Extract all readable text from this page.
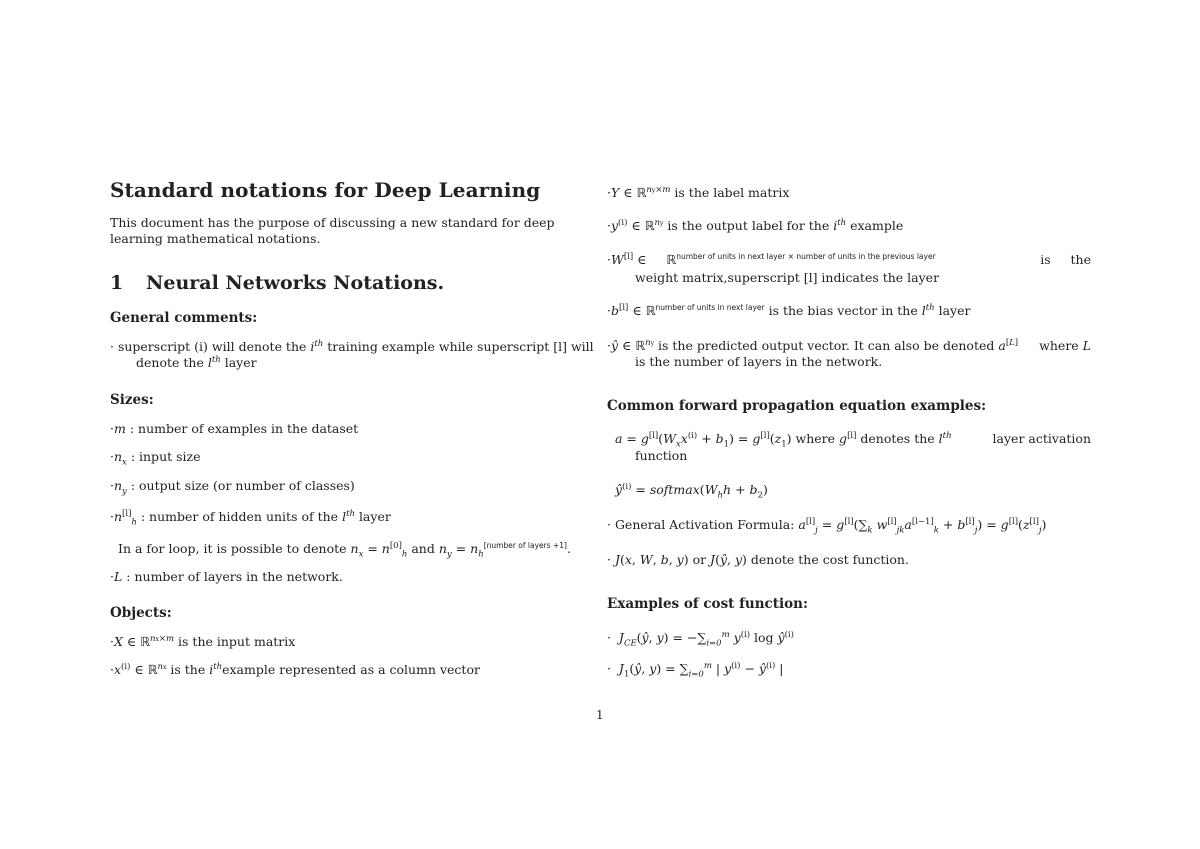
Standard notations for Deep Learning
This document has the purpose of discussing a new standard for deep learning mathematical notations.
1 Neural Networks Notations.
General comments:
· superscript (i) will denote the $i^{th}$ training example while superscript [l] will
denote the $l^{th}$ layer
Sizes:
·m : number of examples in the dataset
$\cdot n_x$ : input size
$\cdot n_y$ : output size (or number of classes)
$\cdot n[l]_h$ : number of hidden units of the $l^{th}$ layer
In a for loop, it is possible to denote $n_x = n[0]_h$ and $n_y = n_h[number of layers +1]$.
·L : number of layers in the network.
Objects:
·X ∈ ℝ$^{nx\times m}$ is the input matrix
$\cdot x^{(i)}$ ∈ ℝ$^{nx}$ is the $i^{th}example$ represented as a column vector
·Y ∈ ℝ$^{ny\times m}$ is the label matrix
$\cdot y^{(i)}$ ∈ ℝ$^{ny}$ is the output label for the $i^{th}$ example
·W[l] ∈     ℝ$^{number of units in next layer \times number of units in the previous layer}$	is the
weight matrix,superscript [l] indicates the layer
·b[l] ∈ ℝ$^{number of units in next layer}$ is the bias vector in the $l^{th}$ layer
·ŷ ∈ ℝ$^{ny}$ is the predicted output vector. It can also be denoted a[L] where L
is the number of layers in the network.
Common forward propagation equation examples:
$a = g[l](W_xx^{(i)} + b_1) = g[l](z_1)$ where g[l] denotes the $l^{th}$	layer activation
function
$ŷ^{(i)}$ = $softmax(W_hh + b_2)$
· General Activation Formula: $a[l]_j = g[l](\sum_k$ $w[l]_{jk}a[l-1]_k + b[l]_j) = g[l](z[l]_j)$
· J(x, W, b, y) or J(ŷ, y) denote the cost function.
Examples of cost function:
·  $J_{CE}(ŷ$, $y) = -\sum_{i=0}^m$ $y^{(i)}$ $\log ŷ^{(i)}$
·  $J_1(ŷ$, $y) = \sum_{i=0}^m$ | $y^{(i)}$ − $ŷ^{(i)}$ |
1
